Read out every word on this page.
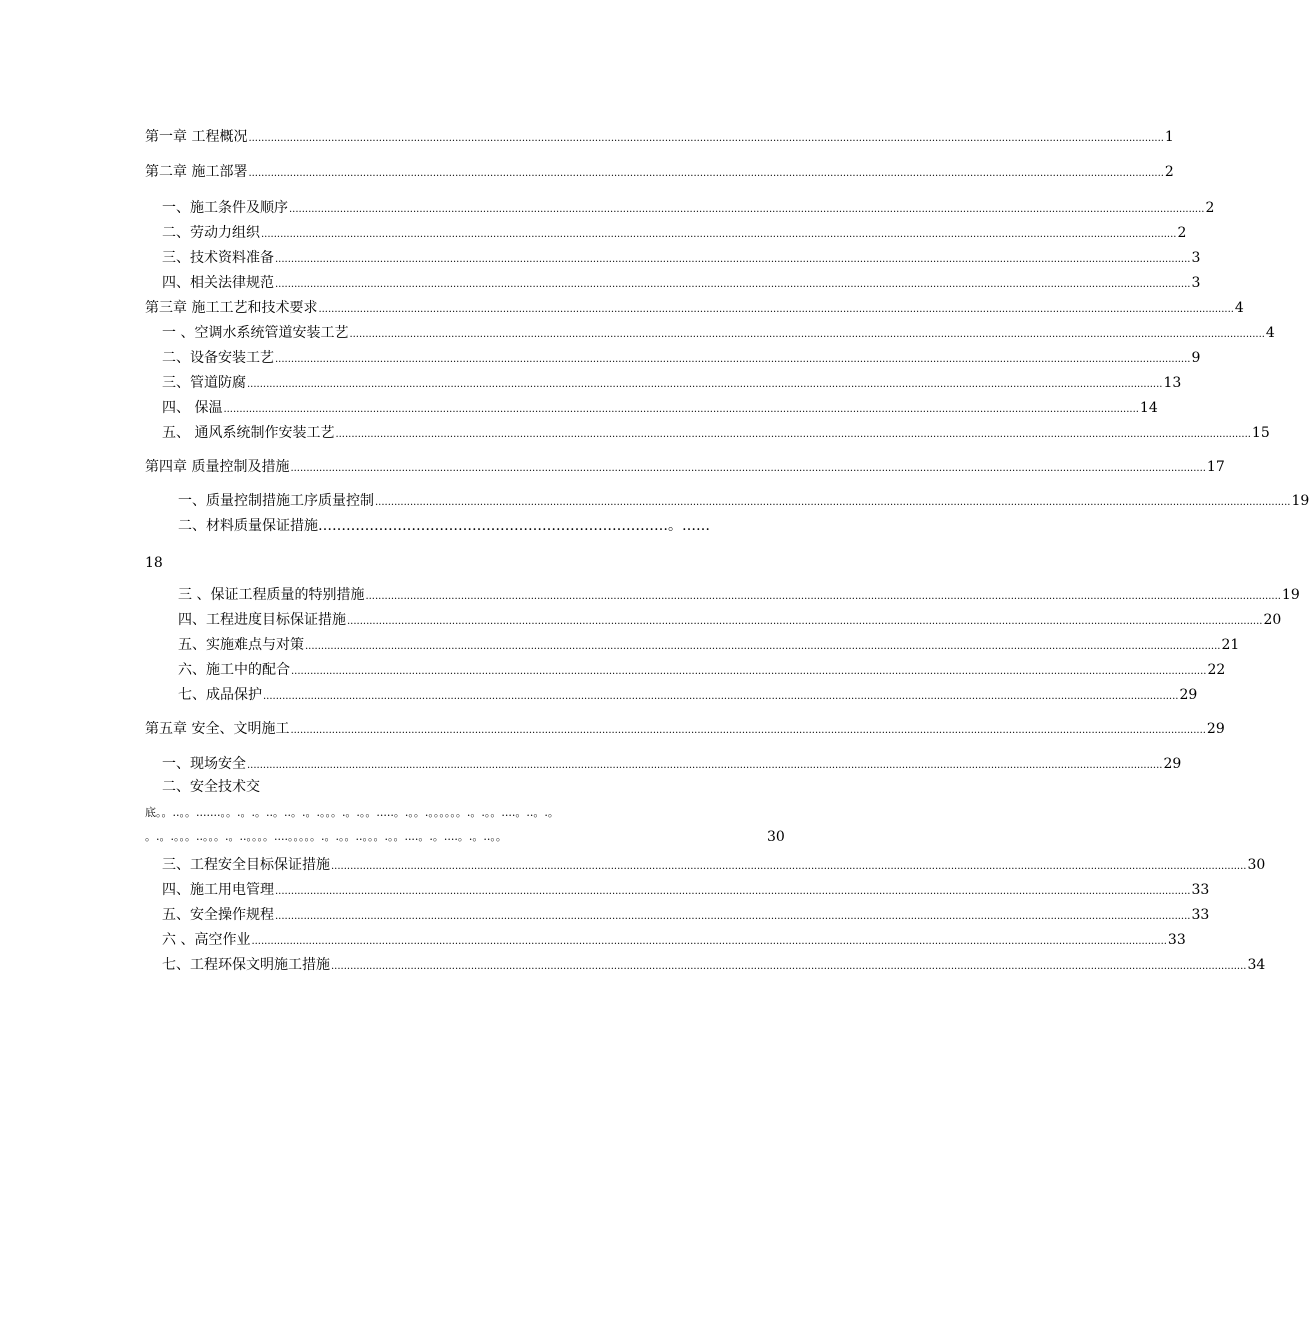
第一章 工程概况 ................................................................................................................................................................................................................................................................................................ 1
第二章 施工部署 ................................................................................................................................................................................................................................................................................................ 2
一、施工条件及顺序 ................................................................................................................................................................................................................................................................................................ 2
二、劳动力组织 ................................................................................................................................................................................................................................................................................................ 2
三、技术资料准备 ................................................................................................................................................................................................................................................................................................ 3
四、相关法律规范 ................................................................................................................................................................................................................................................................................................ 3
第三章 施工工艺和技术要求 ................................................................................................................................................................................................................................................................................................ 4
一 、空调水系统管道安装工艺 ................................................................................................................................................................................................................................................................................................ 4
二、设备安装工艺 ................................................................................................................................................................................................................................................................................................ 9
三、管道防腐 ................................................................................................................................................................................................................................................................................................ 13
四、 保温 ................................................................................................................................................................................................................................................................................................ 14
五、 通风系统制作安装工艺 ................................................................................................................................................................................................................................................................................................ 15
第四章 质量控制及措施 ................................................................................................................................................................................................................................................................................................ 17
一、质量控制措施工序质量控制 ................................................................................................................................................................................................................................................................................................ 19
二、材料质量保证措施 …………………………………………………………………。……
18
三 、保证工程质量的特别措施 ................................................................................................................................................................................................................................................................................................ 19
四、工程进度目标保证措施 ................................................................................................................................................................................................................................................................................................ 20
五、实施难点与对策 ................................................................................................................................................................................................................................................................................................ 21
六、施工中的配合 ................................................................................................................................................................................................................................................................................................ 22
七、成品保护 ................................................................................................................................................................................................................................................................................................ 29
第五章 安全、文明施工 ................................................................................................................................................................................................................................................................................................ 29
一、现场安全 ................................................................................................................................................................................................................................................................................................ 29
二、安全技术交
底。。..。。.......。。.。.。..。..。.。.。。。.。.。。.....。.。。.。。。。。。.。.。。....。..。.。
。.。.。。。..。。。.。..。。。。....。。。。。.。.。。..。。。.。。....。.。....。.。..。。	30
三、工程安全目标保证措施 ................................................................................................................................................................................................................................................................................................ 30
四、施工用电管理 ................................................................................................................................................................................................................................................................................................ 33
五、安全操作规程 ................................................................................................................................................................................................................................................................................................ 33
六 、高空作业 ................................................................................................................................................................................................................................................................................................ 33
七、工程环保文明施工措施 ................................................................................................................................................................................................................................................................................................ 34
